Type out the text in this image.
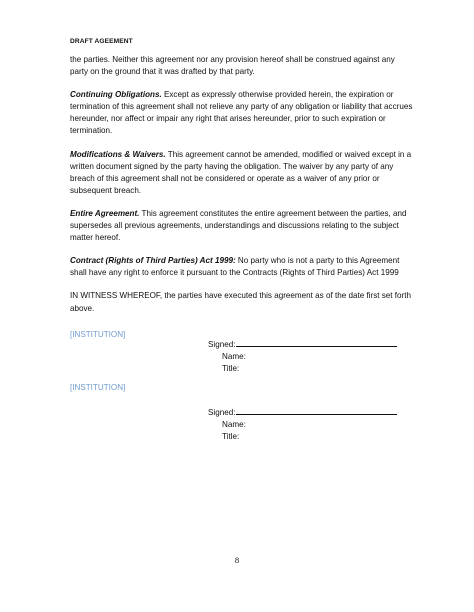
DRAFT AGEEMENT

the parties. Neither this agreement nor any provision hereof shall be construed against any party on the ground that it was drafted by that party.

Continuing Obligations. Except as expressly otherwise provided herein, the expiration or termination of this agreement shall not relieve any party of any obligation or liability that accrues hereunder, nor affect or impair any right that arises hereunder, prior to such expiration or termination.

Modifications & Waivers. This agreement cannot be amended, modified or waived except in a written document signed by the party having the obligation. The waiver by any party of any breach of this agreement shall not be considered or operate as a waiver of any prior or subsequent breach.

Entire Agreement. This agreement constitutes the entire agreement between the parties, and supersedes all previous agreements, understandings and discussions relating to the subject matter hereof.

Contract (Rights of Third Parties) Act 1999: No party who is not a party to this Agreement shall have any right to enforce it pursuant to the Contracts (Rights of Third Parties) Act 1999

IN WITNESS WHEREOF, the parties have executed this agreement as of the date first set forth above.

[INSTITUTION]
Signed:
Name:
Title:
[INSTITUTION]
Signed:
Name:
Title:
8
